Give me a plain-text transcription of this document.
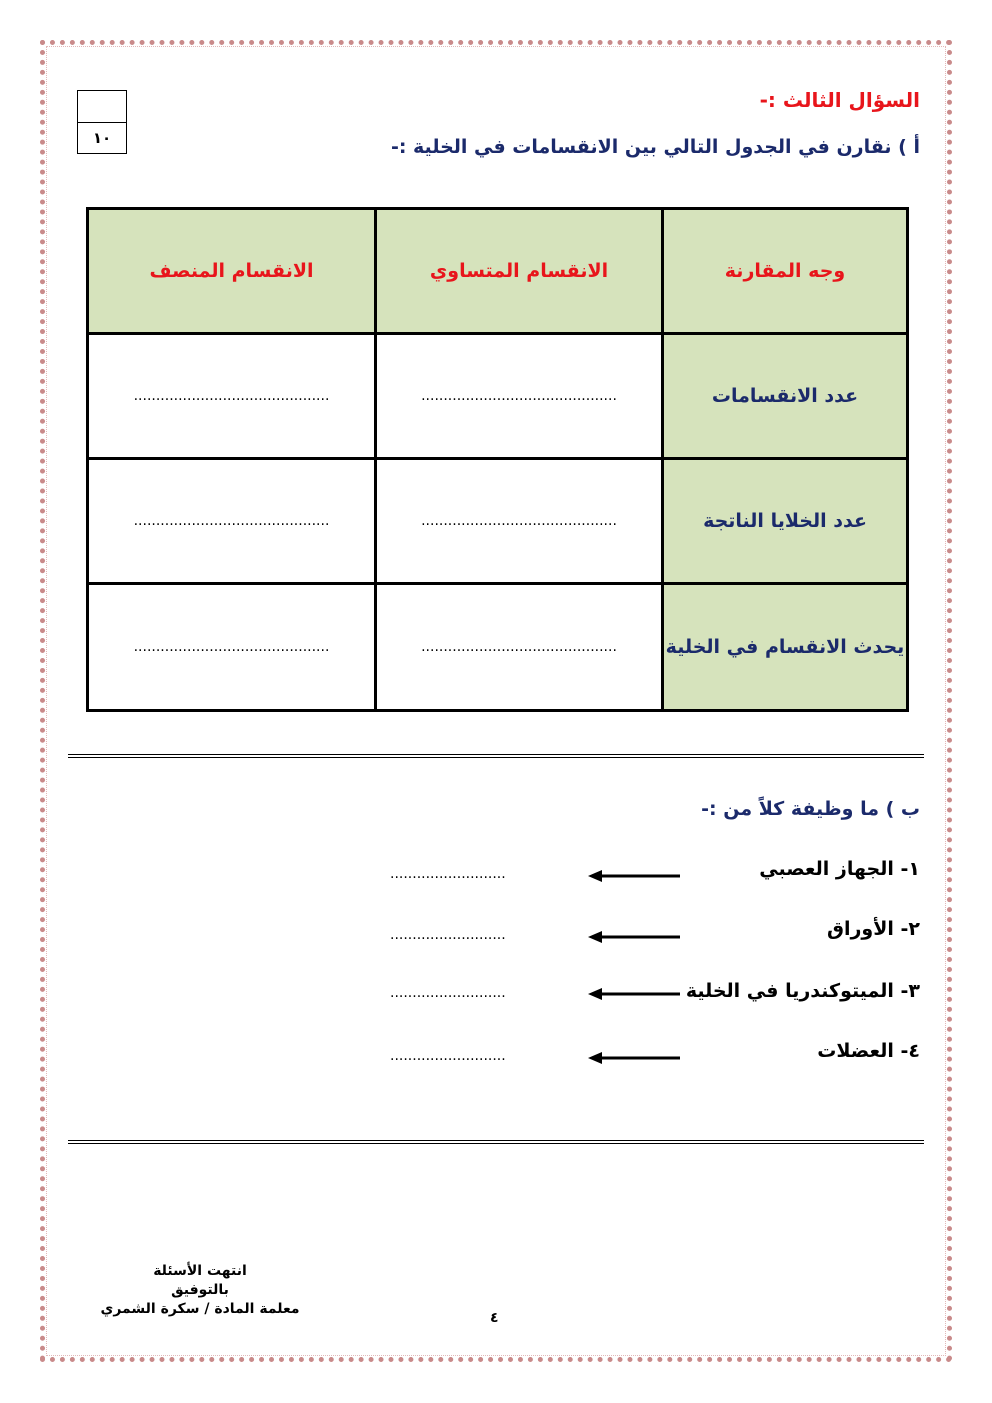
السؤال الثالث :-
١٠	أ ) نقارن في الجدول التالي بين الانقسامات في الخلية :-
وجه المقارنة	الانقسام المتساوي	الانقسام المنصف
عدد الانقسامات	............................................	............................................
عدد الخلايا الناتجة	............................................	............................................
يحدث الانقسام في الخلية	............................................	............................................
ب ) ما وظيفة كلاً من :-
١- الجهاز العصبي
..........................
٢- الأوراق
..........................
٣- الميتوكندريا في الخلية
..........................
٤- العضلات
..........................
انتهت الأسئلة
بالتوفيق
معلمة المادة / سكرة الشمري
٤
